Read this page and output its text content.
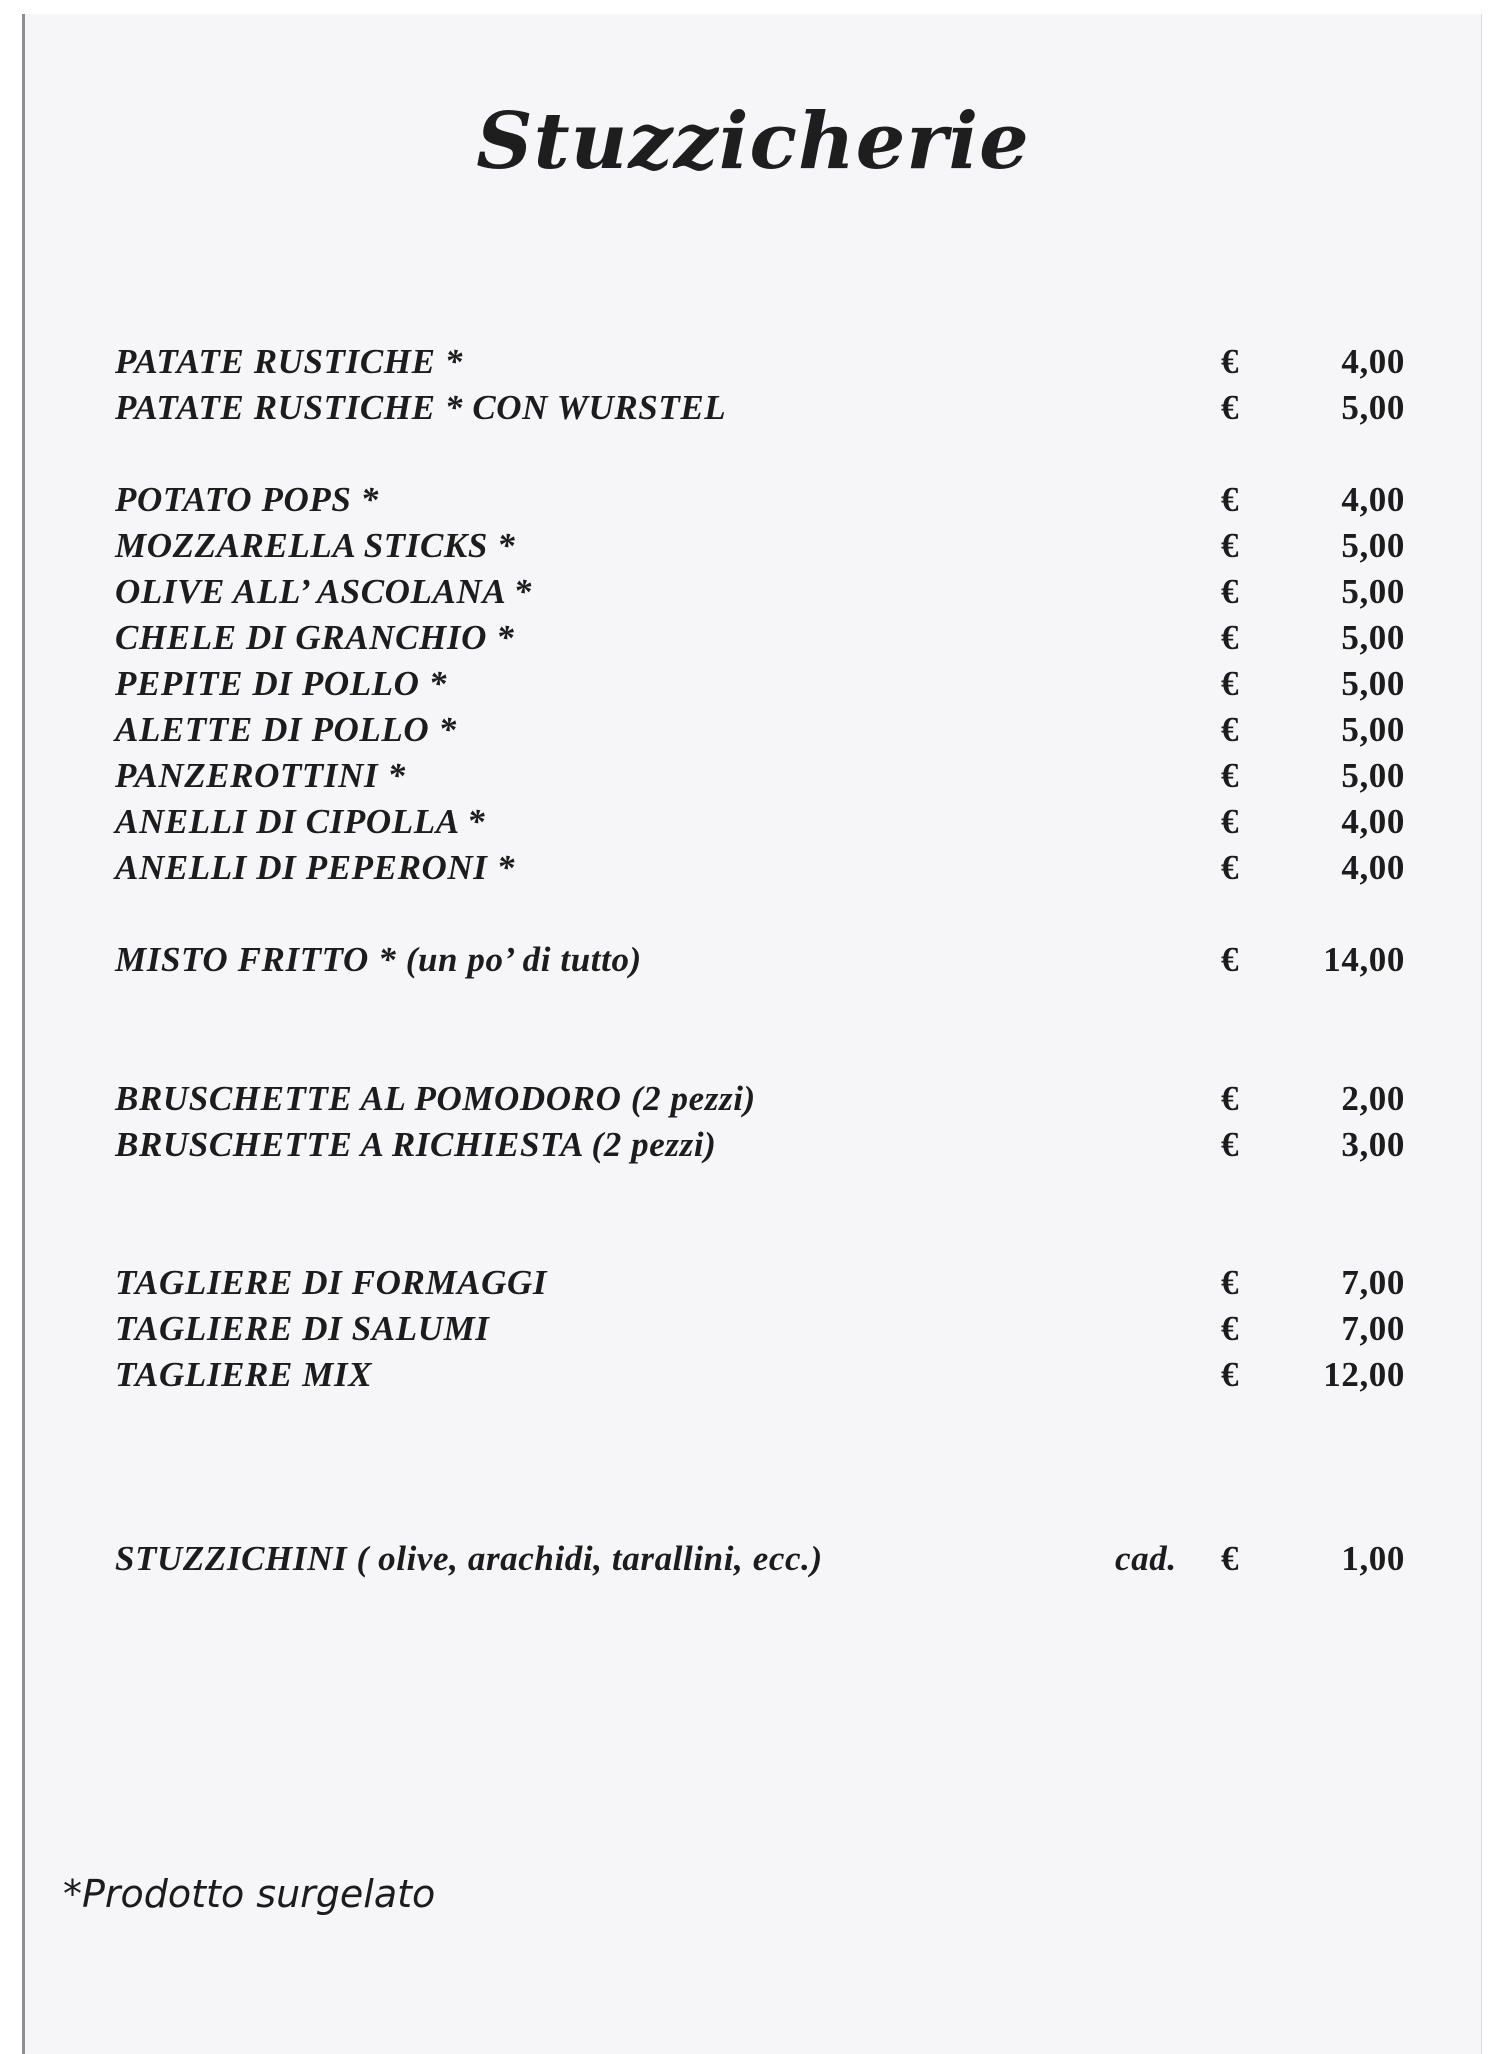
Stuzzicherie
PATATE RUSTICHE *	€	4,00
PATATE RUSTICHE * CON WURSTEL	€	5,00
POTATO POPS *	€	4,00
MOZZARELLA STICKS *	€	5,00
OLIVE ALL’ ASCOLANA *	€	5,00
CHELE DI GRANCHIO *	€	5,00
PEPITE DI POLLO *	€	5,00
ALETTE DI POLLO *	€	5,00
PANZEROTTINI *	€	5,00
ANELLI DI CIPOLLA *	€	4,00
ANELLI DI PEPERONI *	€	4,00
MISTO FRITTO * (un po’ di tutto)	€ 14,00
BRUSCHETTE AL POMODORO (2 pezzi)	€	2,00
BRUSCHETTE A RICHIESTA (2 pezzi)	€	3,00
TAGLIERE DI FORMAGGI	€	7,00
TAGLIERE DI SALUMI	€	7,00
TAGLIERE MIX	€ 12,00
STUZZICHINI ( olive, arachidi, tarallini, ecc.)	cad. €	1,00
*Prodotto surgelato
